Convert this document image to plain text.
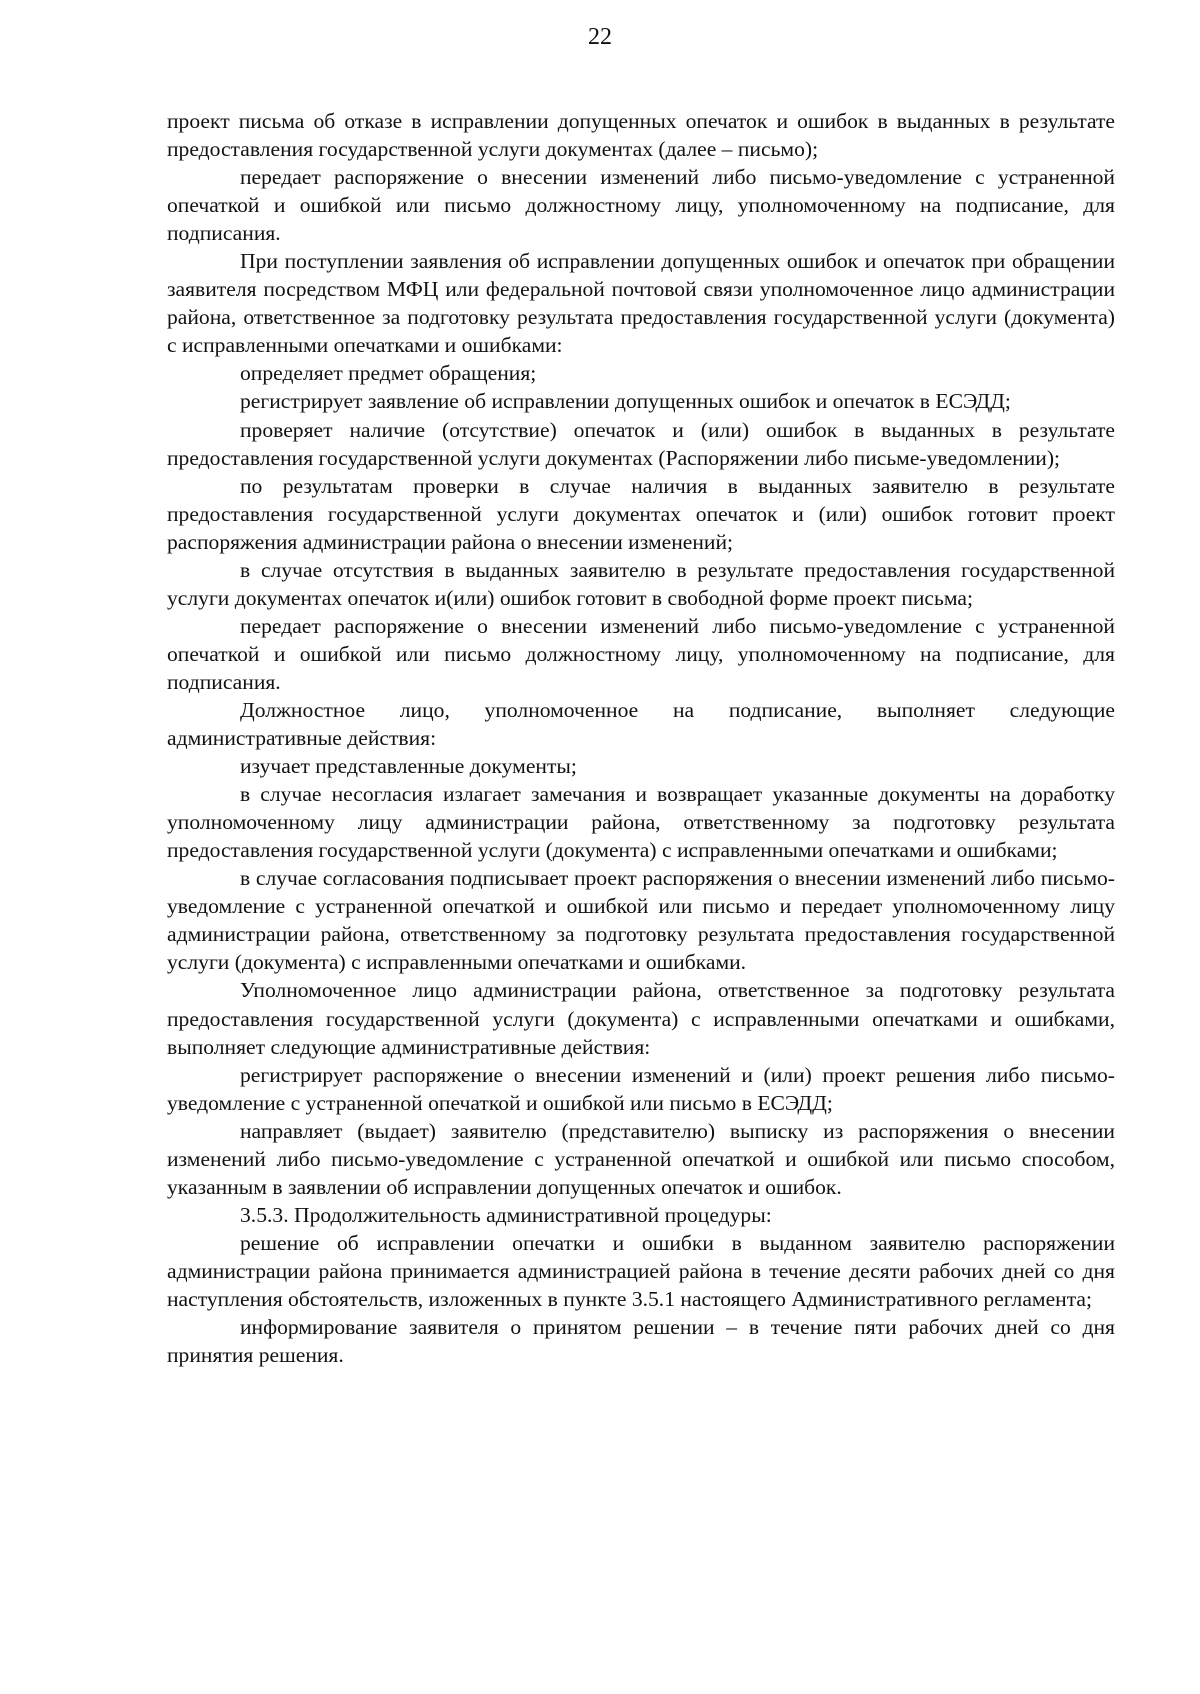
22

проект письма об отказе в исправлении допущенных опечаток и ошибок в выданных в результате предоставления государственной услуги документах (далее – письмо);

передает распоряжение о внесении изменений либо письмо-уведомление с устраненной опечаткой и ошибкой или письмо должностному лицу, уполномоченному на подписание, для подписания.

При поступлении заявления об исправлении допущенных ошибок и опечаток при обращении заявителя посредством МФЦ или федеральной почтовой связи уполномоченное лицо администрации района, ответственное за подготовку результата предоставления государственной услуги (документа) с исправленными опечатками и ошибками:

определяет предмет обращения;

регистрирует заявление об исправлении допущенных ошибок и опечаток в ЕСЭДД;

проверяет наличие (отсутствие) опечаток и (или) ошибок в выданных в результате предоставления государственной услуги документах (Распоряжении либо письме-уведомлении);

по результатам проверки в случае наличия в выданных заявителю в результате предоставления государственной услуги документах опечаток и (или) ошибок готовит проект распоряжения администрации района о внесении изменений;

в случае отсутствия в выданных заявителю в результате предоставления государственной услуги документах опечаток и(или) ошибок готовит в свободной форме проект письма;

передает распоряжение о внесении изменений либо письмо-уведомление с устраненной опечаткой и ошибкой или письмо должностному лицу, уполномоченному на подписание, для подписания.

Должностное лицо, уполномоченное на подписание, выполняет следующие административные действия:

изучает представленные документы;

в случае несогласия излагает замечания и возвращает указанные документы на доработку уполномоченному лицу администрации района, ответственному за подготовку результата предоставления государственной услуги (документа) с исправленными опечатками и ошибками;

в случае согласования подписывает проект распоряжения о внесении изменений либо письмо-уведомление с устраненной опечаткой и ошибкой или письмо и передает уполномоченному лицу администрации района, ответственному за подготовку результата предоставления государственной услуги (документа) с исправленными опечатками и ошибками.

Уполномоченное лицо администрации района, ответственное за подготовку результата предоставления государственной услуги (документа) с исправленными опечатками и ошибками, выполняет следующие административные действия:

регистрирует распоряжение о внесении изменений и (или) проект решения либо письмо-уведомление с устраненной опечаткой и ошибкой или письмо в ЕСЭДД;

направляет (выдает) заявителю (представителю) выписку из распоряжения о внесении изменений либо письмо-уведомление с устраненной опечаткой и ошибкой или письмо способом, указанным в заявлении об исправлении допущенных опечаток и ошибок.

3.5.3. Продолжительность административной процедуры:

решение об исправлении опечатки и ошибки в выданном заявителю распоряжении администрации района принимается администрацией района в течение десяти рабочих дней со дня наступления обстоятельств, изложенных в пункте 3.5.1 настоящего Административного регламента;

информирование заявителя о принятом решении – в течение пяти рабочих дней со дня принятия решения.
